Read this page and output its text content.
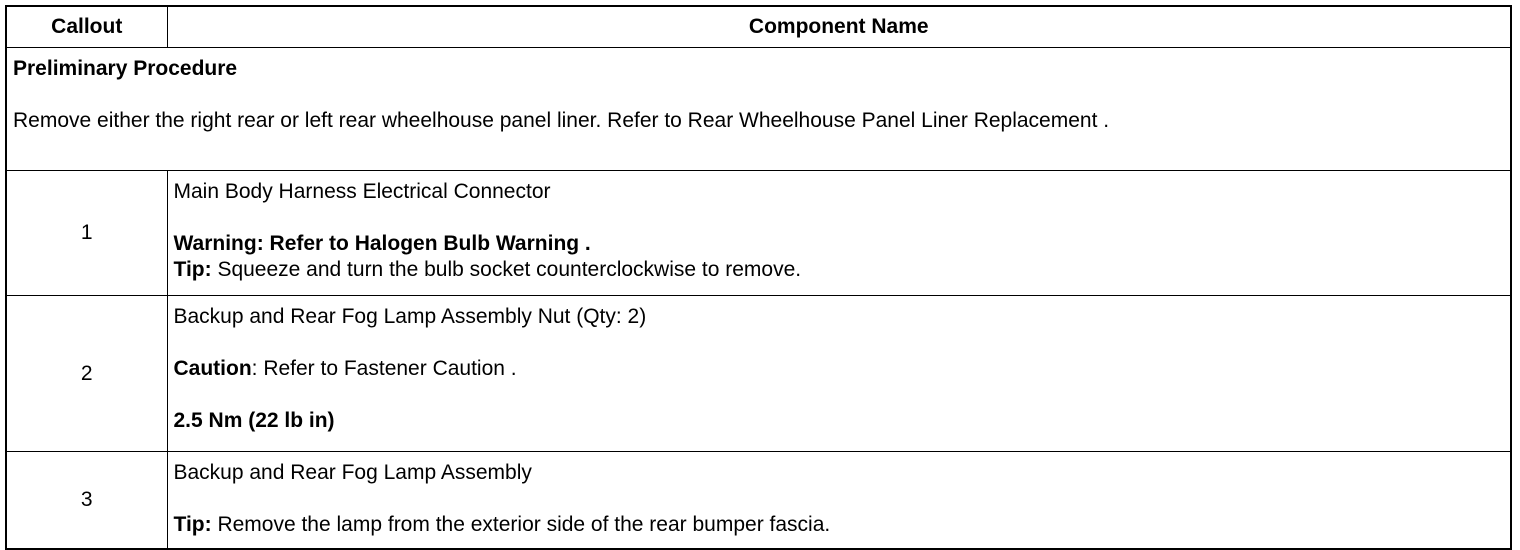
Callout	Component Name

Preliminary Procedure
Remove either the right rear or left rear wheelhouse panel liner. Refer to Rear Wheelhouse Panel Liner Replacement .	

1	Main Body Harness Electrical Connector
Warning: Refer to Halogen Bulb Warning .
Tip: Squeeze and turn the bulb socket counterclockwise to remove.

2	Backup and Rear Fog Lamp Assembly Nut (Qty: 2)
Caution: Refer to Fastener Caution .
2.5 Nm (22 lb in)

3	Backup and Rear Fog Lamp Assembly
Tip: Remove the lamp from the exterior side of the rear bumper fascia.
